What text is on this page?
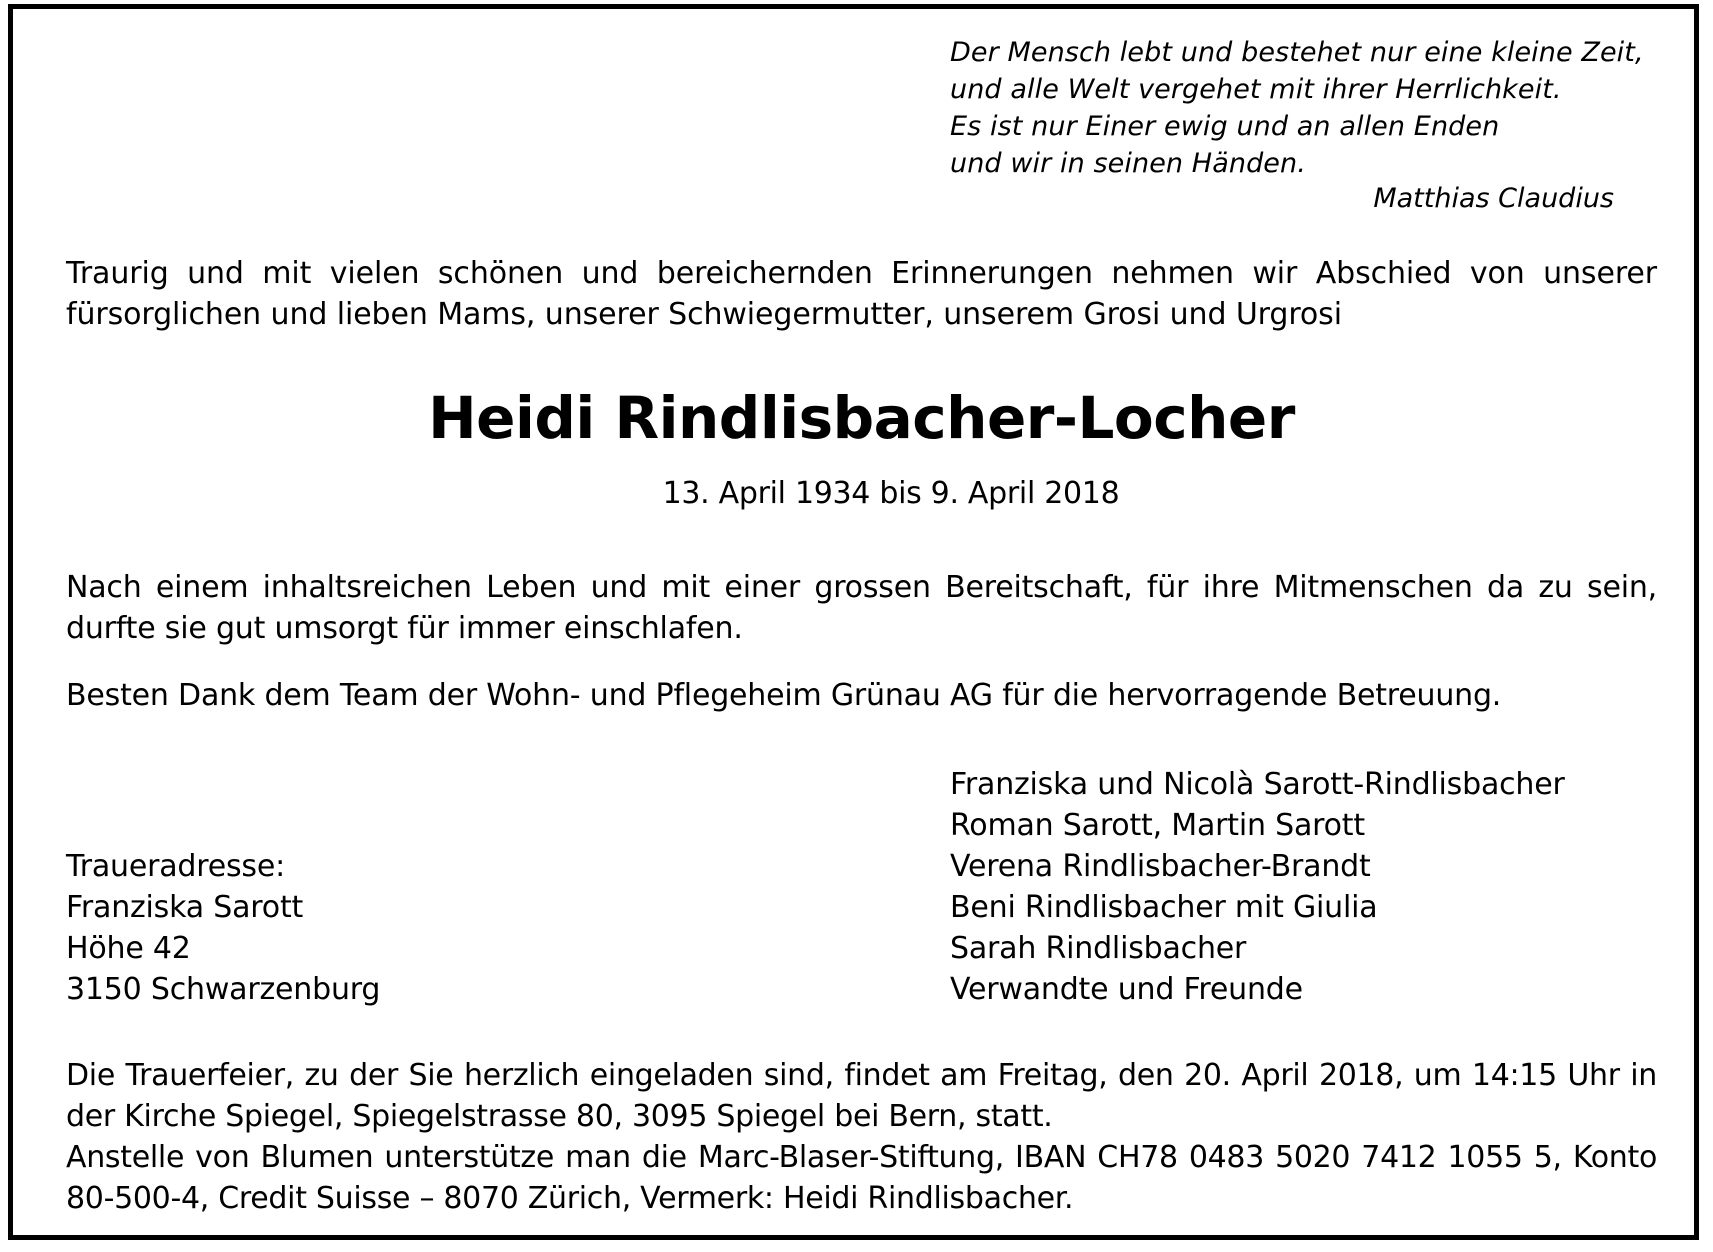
Der Mensch lebt und bestehet nur eine kleine Zeit,
und alle Welt vergehet mit ihrer Herrlichkeit.
Es ist nur Einer ewig und an allen Enden
und wir in seinen Händen.
Matthias Claudius
Traurig und mit vielen schönen und bereichernden Erinnerungen nehmen wir Abschied von unserer fürsorglichen und lieben Mams, unserer Schwiegermutter, unserem Grosi und Urgrosi
Heidi Rindlisbacher-Locher
13. April 1934 bis 9. April 2018
Nach einem inhaltsreichen Leben und mit einer grossen Bereitschaft, für ihre Mitmenschen da zu sein, durfte sie gut umsorgt für immer einschlafen.
Besten Dank dem Team der Wohn- und Pflegeheim Grünau AG für die hervorragende Betreuung.
Franziska und Nicolà Sarott-Rindlisbacher
Roman Sarott, Martin Sarott
Verena Rindlisbacher-Brandt
Beni Rindlisbacher mit Giulia
Sarah Rindlisbacher
Verwandte und Freunde
Traueradresse:
Franziska Sarott
Höhe 42
3150 Schwarzenburg
Die Trauerfeier, zu der Sie herzlich eingeladen sind, findet am Freitag, den 20. April 2018, um 14:15 Uhr in der Kirche Spiegel, Spiegelstrasse 80, 3095 Spiegel bei Bern, statt.
Anstelle von Blumen unterstütze man die Marc-Blaser-Stiftung, IBAN CH78 0483 5020 7412 1055 5, Konto 80-500-4, Credit Suisse – 8070 Zürich, Vermerk: Heidi Rindlisbacher.
